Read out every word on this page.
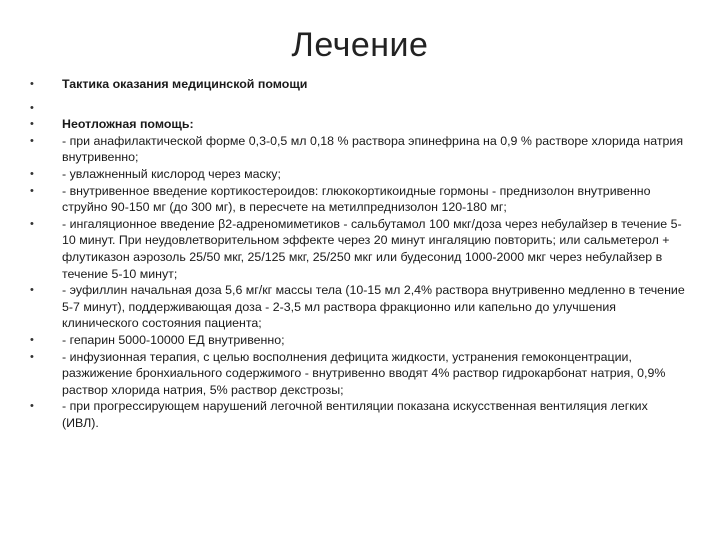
Лечение
•	Тактика оказания медицинской помощи
•
•	Неотложная помощь:
•	- при анафилактической форме 0,3-0,5 мл 0,18 % раствора эпинефрина на 0,9 % растворе хлорида натрия внутривенно;
•	- увлажненный кислород через маску;
•	- внутривенное введение кортикостероидов: глюкокортикоидные гормоны - преднизолон внутривенно струйно 90-150 мг (до 300 мг), в пересчете на метилпреднизолон 120-180 мг;
•	- ингаляционное введение β2-адреномиметиков - сальбутамол 100 мкг/доза через небулайзер в течение 5-10 минут. При неудовлетворительном эффекте через 20 минут ингаляцию повторить; или сальметерол + флутиказон аэрозоль 25/50 мкг, 25/125 мкг, 25/250 мкг или будесонид 1000-2000 мкг через небулайзер в течение 5-10 минут;
•	- эуфиллин начальная доза 5,6 мг/кг массы тела (10-15 мл 2,4% раствора внутривенно медленно в течение 5-7 минут), поддерживающая доза - 2-3,5 мл раствора фракционно или капельно до улучшения клинического состояния пациента;
•	- гепарин 5000-10000 ЕД внутривенно;
•	- инфузионная терапия, с целью восполнения дефицита жидкости, устранения гемоконцентрации, разжижение бронхиального содержимого - внутривенно вводят 4% раствор гидрокарбонат натрия, 0,9% раствор хлорида натрия, 5% раствор декстрозы;
•	- при прогрессирующем нарушений легочной вентиляции показана искусственная вентиляция легких (ИВЛ).
